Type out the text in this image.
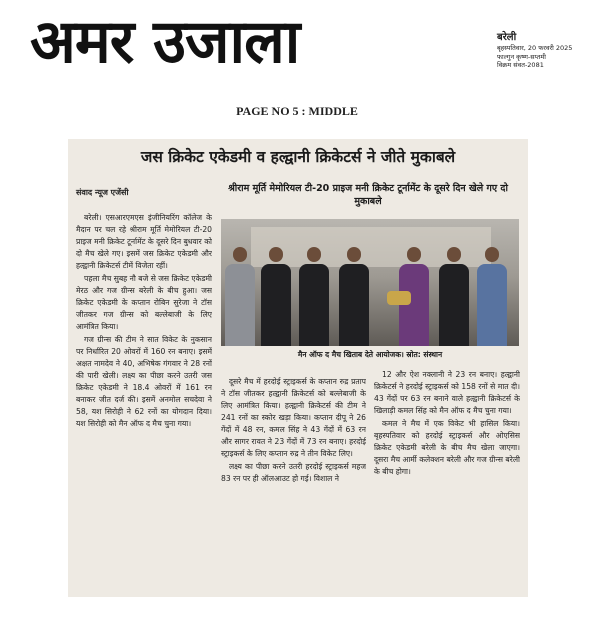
अमर उजाला	बरेली
बृहस्पतिवार, 20 फरवरी 2025
फाल्गुन कृष्ण-सप्तमी
विक्रम संवत-2081
PAGE NO 5 : MIDDLE
जस क्रिकेट एकेडमी व हल्द्वानी क्रिकेटर्स ने जीते मुकाबले
संवाद न्यूज एजेंसी	श्रीराम मूर्ति मेमोरियल टी-20 प्राइज मनी क्रिकेट टूर्नामेंट के दूसरे दिन खेले गए दो मुकाबले
मैन ऑफ द मैच खिताब देते आयोजक। स्रोत: संस्थान

बरेली। एसआरएमएस इंजीनियरिंग कॉलेज के मैदान पर चल रहे श्रीराम मूर्ति मेमोरियल टी-20 प्राइज मनी क्रिकेट टूर्नामेंट के दूसरे दिन बुधवार को दो मैच खेले गए। इसमें जस क्रिकेट एकेडमी और हल्द्वानी क्रिकेटर्स टीमें विजेता रहीं।

पहला मैच सुबह नौ बजे से जस क्रिकेट एकेडमी मेरठ और गज ग्रीन्स बरेली के बीच हुआ। जस क्रिकेट एकेडमी के कप्तान रोबिन सुरेजा ने टॉस जीतकर गज ग्रीन्स को बल्लेबाजी के लिए आमंत्रित किया।

गज ग्रीन्स की टीम ने सात विकेट के नुकसान पर निर्धारित 20 ओवरों में 160 रन बनाए। इसमें अक्षत नामदेव ने 40, अभिषेक गंगवार ने 28 रनों की पारी खेली। लक्ष्य का पीछा करने उतरी जस क्रिकेट एकेडमी ने 18.4 ओवरों में 161 रन बनाकर जीत दर्ज की। इसमें अनमोल सचदेवा ने 58, यश सिरोही ने 62 रनों का योगदान दिया। यश सिरोही को मैन ऑफ द मैच चुना गया।

दूसरे मैच में हरदोई स्ट्राइकर्स के कप्तान रुद्र प्रताप ने टॉस जीतकर हल्द्वानी क्रिकेटर्स को बल्लेबाजी के लिए आमंत्रित किया। हल्द्वानी क्रिकेटर्स की टीम ने 241 रनों का स्कोर खड़ा किया। कप्तान दीपू ने 26 गेंदों में 48 रन, कमल सिंह ने 43 गेंदों में 63 रन और सागर रावत ने 23 गेंदों में 73 रन बनाए। हरदोई स्ट्राइकर्स के लिए कप्तान रुद्र ने तीन विकेट लिए।

लक्ष्य का पीछा करने उतरी हरदोई स्ट्राइकर्स महज 83 रन पर ही ऑलआउट हो गई। विशाल ने

12 और ऐश नक्लानी ने 23 रन बनाए। हल्द्वानी क्रिकेटर्स ने हरदोई स्ट्राइकर्स को 158 रनों से मात दी। 43 गेंदों पर 63 रन बनाने वाले हल्द्वानी क्रिकेटर्स के खिलाड़ी कमल सिंह को मैन ऑफ द मैच चुना गया।

कमल ने मैच में एक विकेट भी हासिल किया। बृहस्पतिवार को हरदोई स्ट्राइकर्स और ओएसिस क्रिकेट एकेडमी बरेली के बीच मैच खेला जाएगा। दूसरा मैच आर्मी कलेक्शन बरेली और गज ग्रीन्स बरेली के बीच होगा।
